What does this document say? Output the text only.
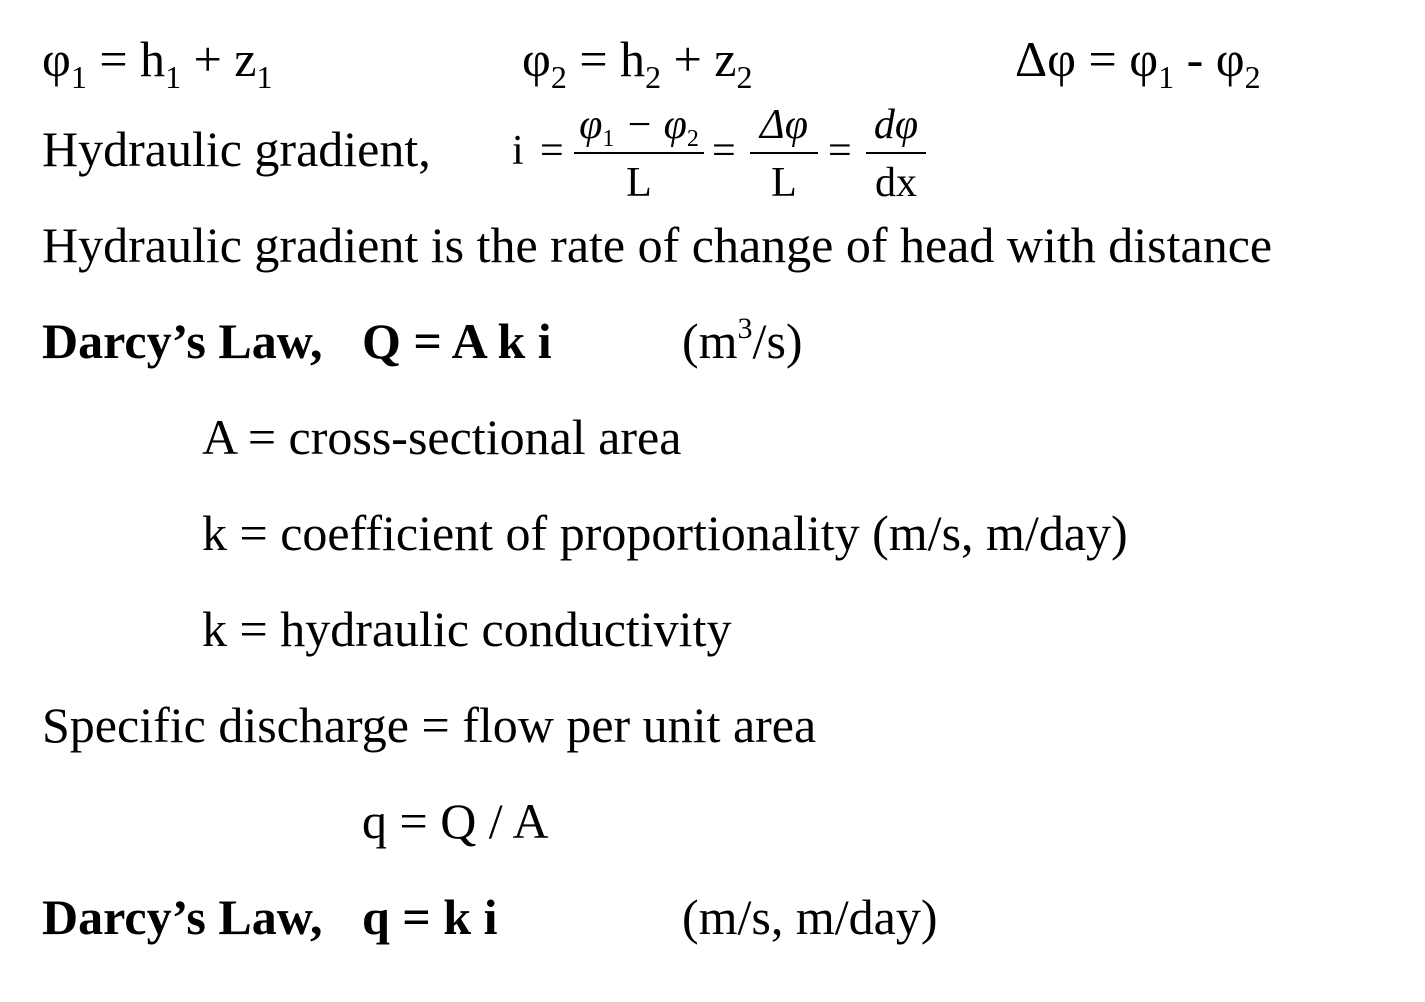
$\varphi_1 = h_1 + z_1$	$\varphi_2 = h_2 + z_2$	$\Delta\varphi = \varphi_1 - \varphi_2$
Hydraulic gradient, i =
φ1 − φ2
L
=
Δφ
L
=
dφ
dx
Hydraulic gradient is the rate of change of head with distance
Darcy’s Law, Q = A k i	$(m^3/s)$
A = cross-sectional area
k = coefficient of proportionality (m/s, m/day)
k = hydraulic conductivity
Specific discharge = flow per unit area
q = Q / A
Darcy’s Law, q = k i	(m/s, m/day)
